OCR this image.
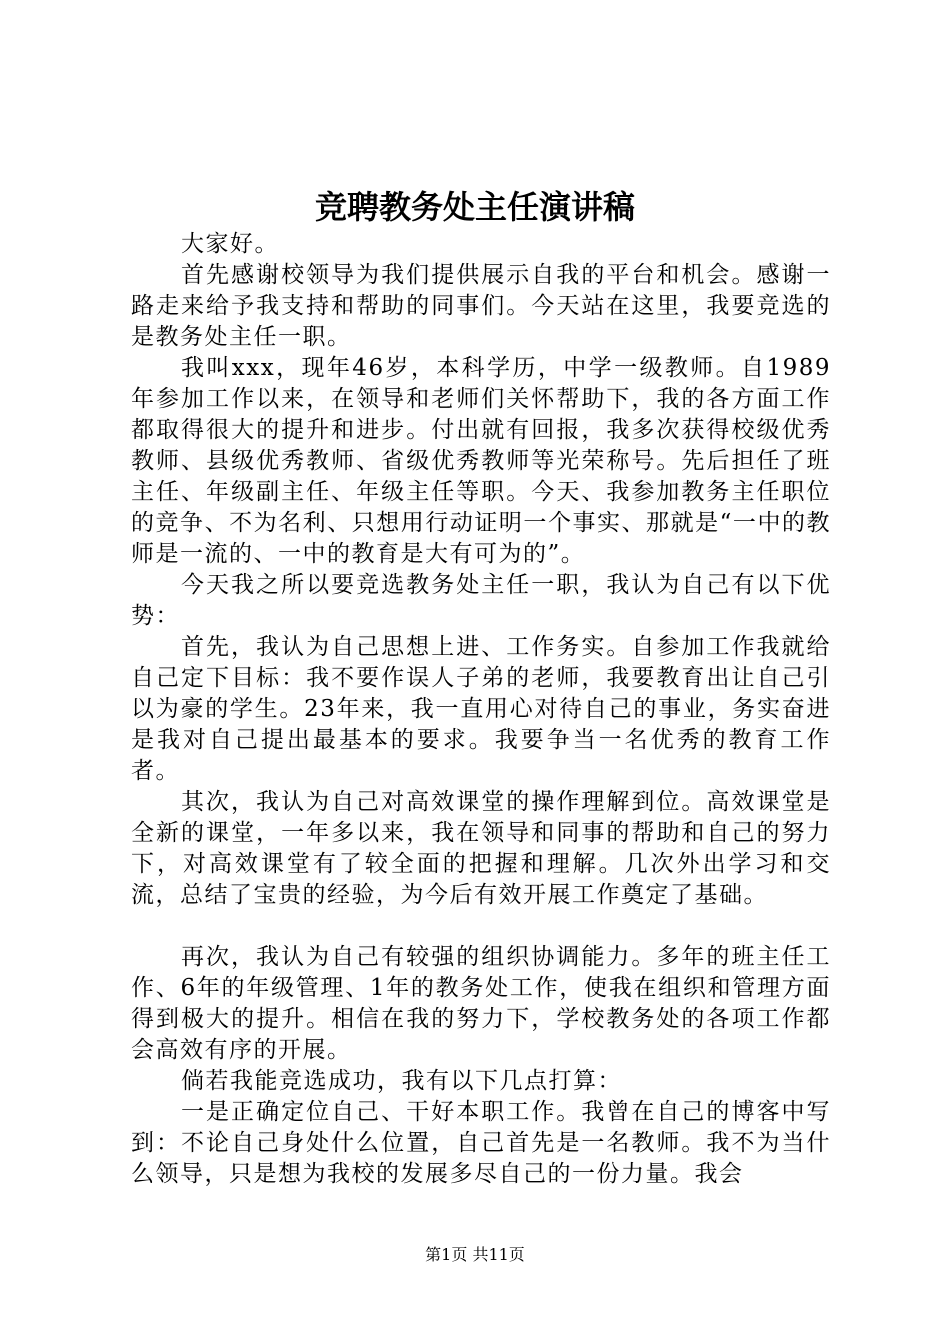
竞聘教务处主任演讲稿

大家好。

首先感谢校领导为我们提供展示自我的平台和机会。感谢一路走来给予我支持和帮助的同事们。今天站在这里，我要竞选的是教务处主任一职。

我叫xxx，现年46岁，本科学历，中学一级教师。自1989年参加工作以来，在领导和老师们关怀帮助下，我的各方面工作都取得很大的提升和进步。付出就有回报，我多次获得校级优秀教师、县级优秀教师、省级优秀教师等光荣称号。先后担任了班主任、年级副主任、年级主任等职。今天、我参加教务主任职位的竞争、不为名利、只想用行动证明一个事实、那就是“一中的教师是一流的、一中的教育是大有可为的”。

今天我之所以要竞选教务处主任一职，我认为自己有以下优势：

首先，我认为自己思想上进、工作务实。自参加工作我就给自己定下目标：我不要作误人子弟的老师，我要教育出让自己引以为豪的学生。23年来，我一直用心对待自己的事业，务实奋进是我对自己提出最基本的要求。我要争当一名优秀的教育工作者。

其次，我认为自己对高效课堂的操作理解到位。高效课堂是全新的课堂，一年多以来，我在领导和同事的帮助和自己的努力下，对高效课堂有了较全面的把握和理解。几次外出学习和交流，总结了宝贵的经验，为今后有效开展工作奠定了基础。

再次，我认为自己有较强的组织协调能力。多年的班主任工作、6年的年级管理、1年的教务处工作，使我在组织和管理方面得到极大的提升。相信在我的努力下，学校教务处的各项工作都会高效有序的开展。

倘若我能竞选成功，我有以下几点打算：

一是正确定位自己、干好本职工作。我曾在自己的博客中写到：不论自己身处什么位置，自己首先是一名教师。我不为当什么领导，只是想为我校的发展多尽自己的一份力量。我会

第1页 共11页
